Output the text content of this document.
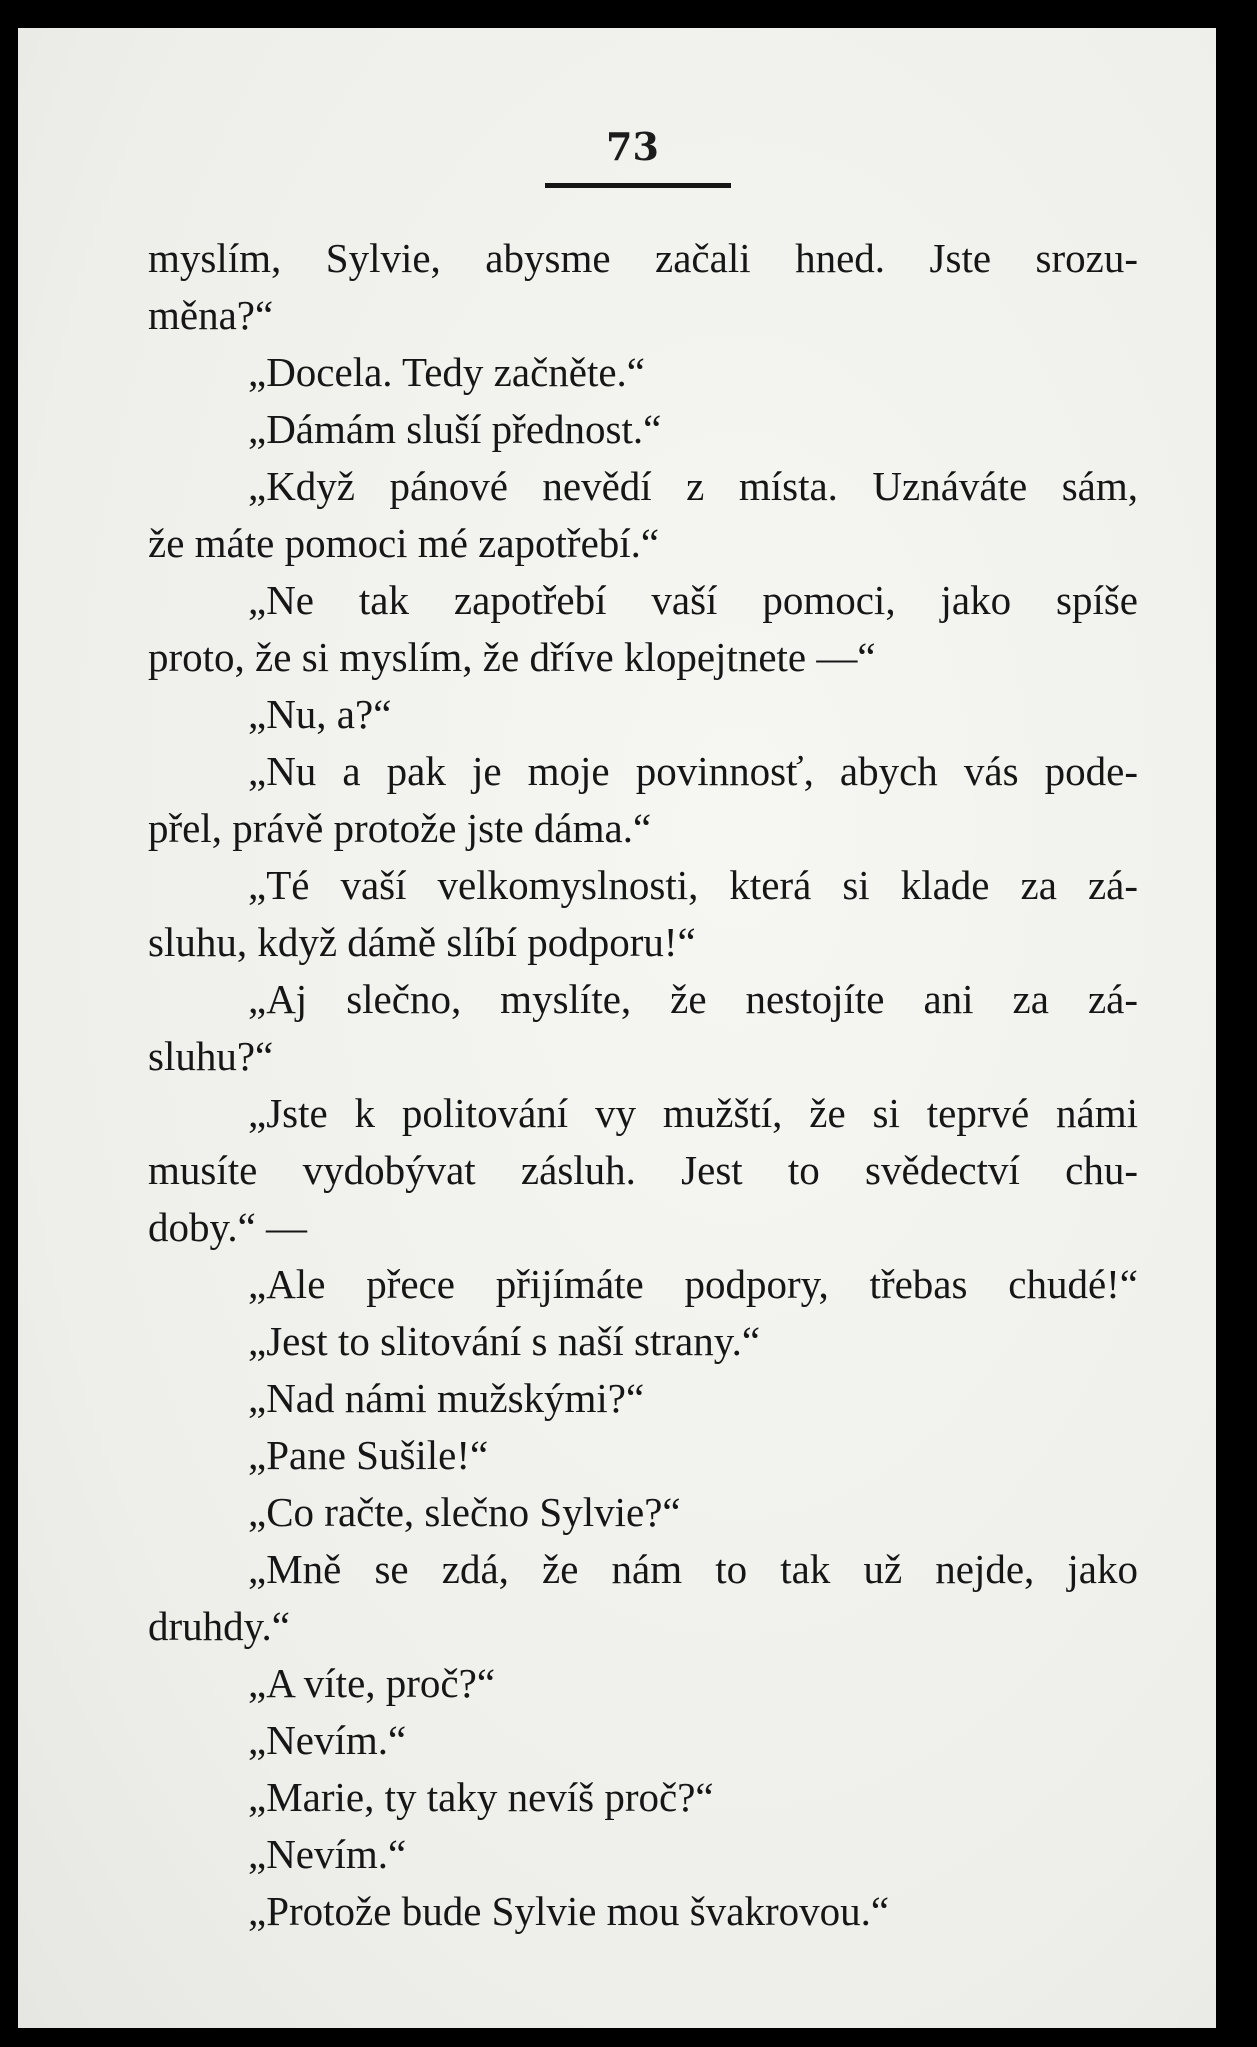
73
myslím, Sylvie, abysme začali hned. Jste srozu-
měna?“
„Docela. Tedy začněte.“
„Dámám sluší přednost.“
„Když pánové nevědí z místa. Uznáváte sám,
že máte pomoci mé zapotřebí.“
„Ne tak zapotřebí vaší pomoci, jako spíše
proto, že si myslím, že dříve klopejtnete —“
„Nu, a?“
„Nu a pak je moje povinnosť, abych vás pode-
přel, právě protože jste dáma.“
„Té vaší velkomyslnosti, která si klade za zá-
sluhu, když dámě slíbí podporu!“
„Aj slečno, myslíte, že nestojíte ani za zá-
sluhu?“
„Jste k politování vy mužští, že si teprvé námi
musíte vydobývat zásluh. Jest to svědectví chu-
doby.“ —
„Ale přece přijímáte podpory, třebas chudé!“
„Jest to slitování s naší strany.“
„Nad námi mužskými?“
„Pane Sušile!“
„Co račte, slečno Sylvie?“
„Mně se zdá, že nám to tak už nejde, jako
druhdy.“
„A víte, proč?“
„Nevím.“
„Marie, ty taky nevíš proč?“
„Nevím.“
„Protože bude Sylvie mou švakrovou.“
